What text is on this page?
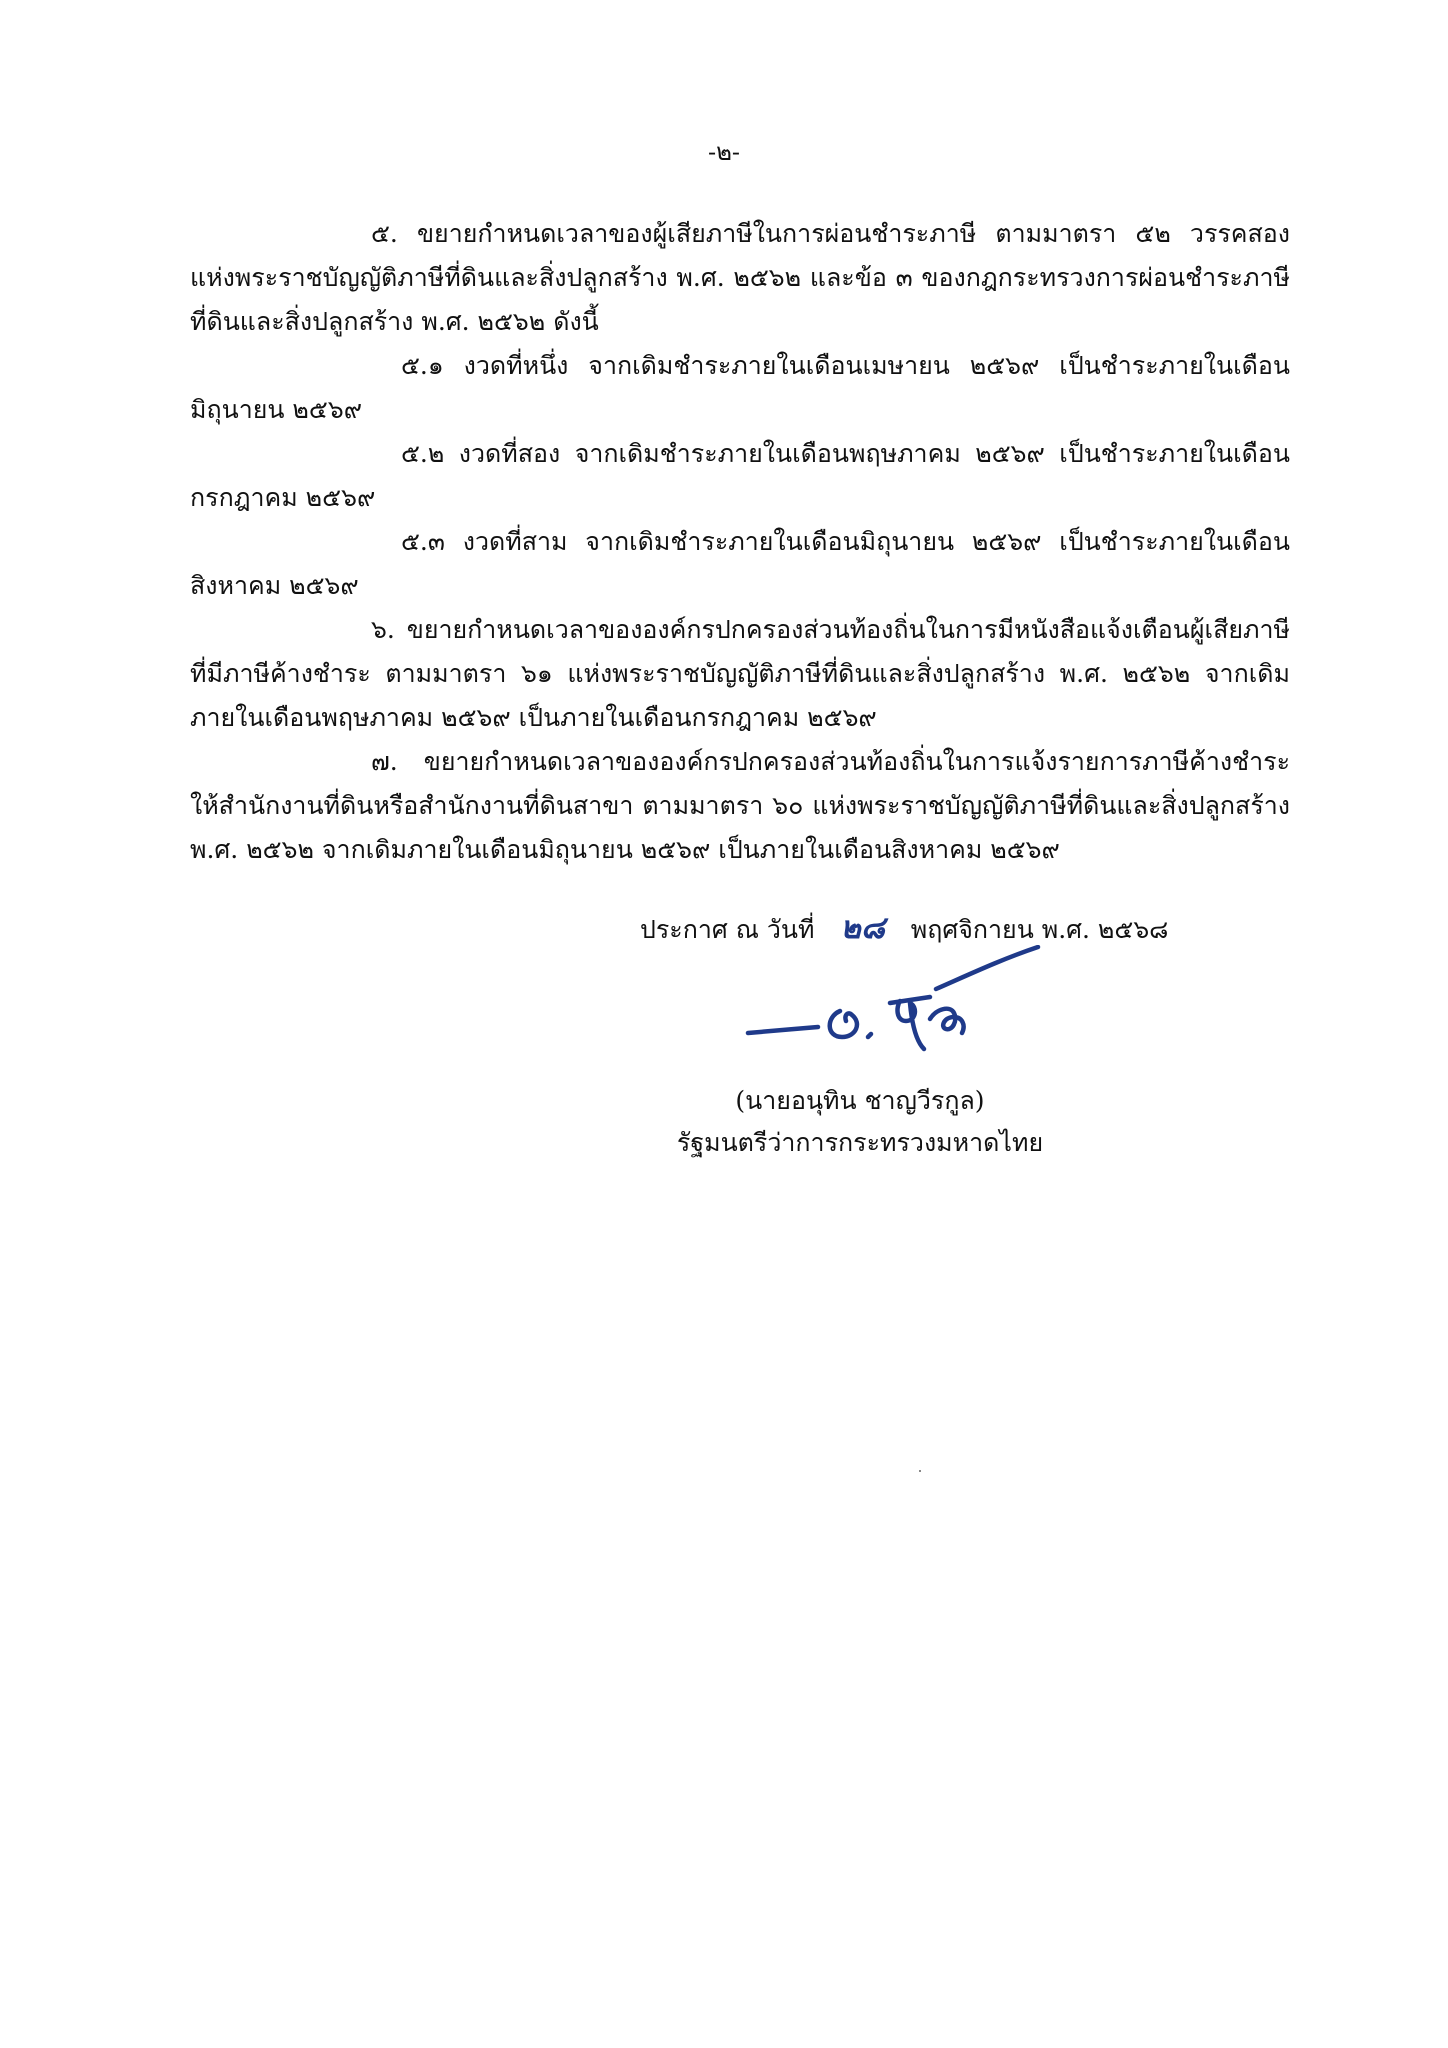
-๒-

๕. ขยายกำหนดเวลาของผู้เสียภาษีในการผ่อนชำระภาษี ตามมาตรา ๕๒ วรรคสอง แห่งพระราชบัญญัติภาษีที่ดินและสิ่งปลูกสร้าง พ.ศ. ๒๕๖๒ และข้อ ๓ ของกฎกระทรวงการผ่อนชำระภาษีที่ดินและสิ่งปลูกสร้าง พ.ศ. ๒๕๖๒ ดังนี้

๕.๑ งวดที่หนึ่ง จากเดิมชำระภายในเดือนเมษายน ๒๕๖๙ เป็นชำระภายในเดือนมิถุนายน ๒๕๖๙

๕.๒ งวดที่สอง จากเดิมชำระภายในเดือนพฤษภาคม ๒๕๖๙ เป็นชำระภายในเดือนกรกฎาคม ๒๕๖๙

๕.๓ งวดที่สาม จากเดิมชำระภายในเดือนมิถุนายน ๒๕๖๙ เป็นชำระภายในเดือนสิงหาคม ๒๕๖๙

๖. ขยายกำหนดเวลาขององค์กรปกครองส่วนท้องถิ่นในการมีหนังสือแจ้งเตือนผู้เสียภาษีที่มีภาษีค้างชำระ ตามมาตรา ๖๑ แห่งพระราชบัญญัติภาษีที่ดินและสิ่งปลูกสร้าง พ.ศ. ๒๕๖๒ จากเดิมภายในเดือนพฤษภาคม ๒๕๖๙ เป็นภายในเดือนกรกฎาคม ๒๕๖๙

๗. ขยายกำหนดเวลาขององค์กรปกครองส่วนท้องถิ่นในการแจ้งรายการภาษีค้างชำระให้สำนักงานที่ดินหรือสำนักงานที่ดินสาขา ตามมาตรา ๖๐ แห่งพระราชบัญญัติภาษีที่ดินและสิ่งปลูกสร้าง พ.ศ. ๒๕๖๒ จากเดิมภายในเดือนมิถุนายน ๒๕๖๙ เป็นภายในเดือนสิงหาคม ๒๕๖๙

ประกาศ ณ วันที่ ๒๘ พฤศจิกายน พ.ศ. ๒๕๖๘
(นายอนุทิน ชาญวีรกูล)
รัฐมนตรีว่าการกระทรวงมหาดไทย
